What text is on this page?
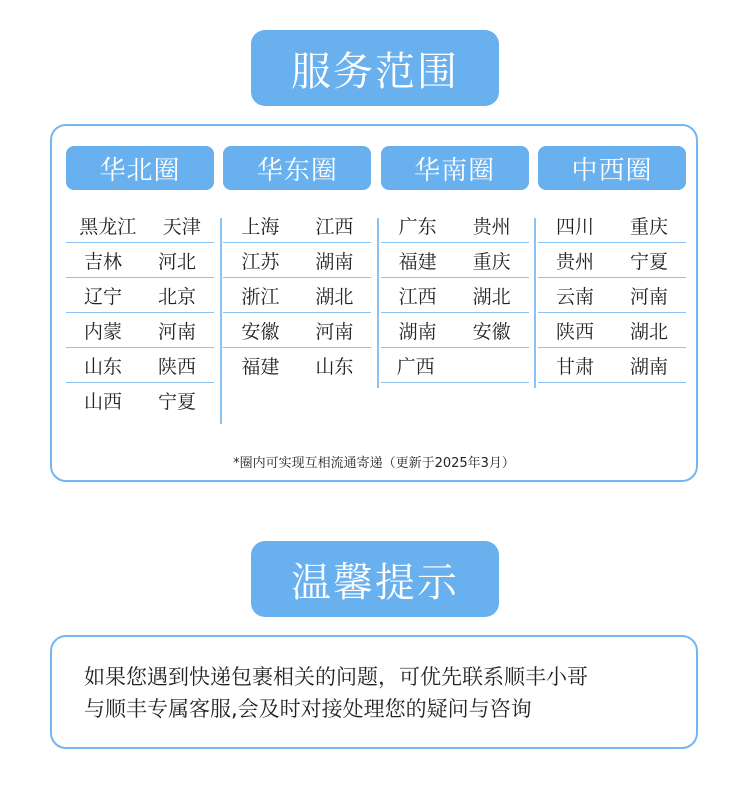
服务范围
华北圈
黑龙江 天津
吉林 河北
辽宁 北京
内蒙 河南
山东 陕西
山西 宁夏
华东圈
上海 江西
江苏 湖南
浙江 湖北
安徽 河南
福建 山东
华南圈
广东 贵州
福建 重庆
江西 湖北
湖南 安徽
广西
中西圈
四川 重庆
贵州 宁夏
云南 河南
陕西 湖北
甘肃 湖南
*圈内可实现互相流通寄递（更新于2025年3月）
温馨提示

如果您遇到快递包裹相关的问题，可优先联系顺丰小哥
与顺丰专属客服,会及时对接处理您的疑问与咨询
